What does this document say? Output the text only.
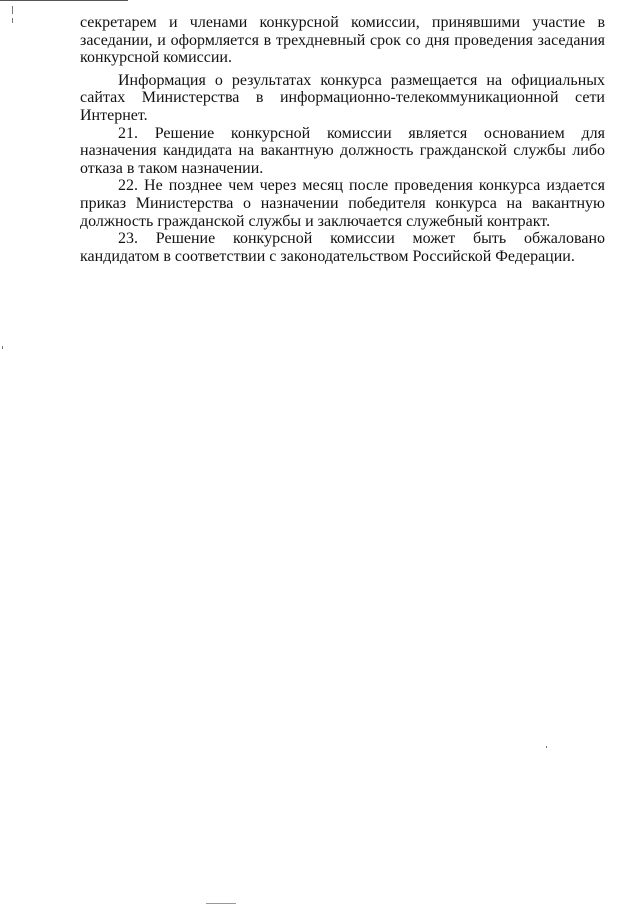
секретарем и членами конкурсной комиссии, принявшими участие в заседании, и оформляется в трехдневный срок со дня проведения заседания конкурсной комиссии.

Информация о результатах конкурса размещается на официальных сайтах Министерства в информационно-телекоммуникационной сети Интернет.

21. Решение конкурсной комиссии является основанием для назначения кандидата на вакантную должность гражданской службы либо отказа в таком назначении.

22. Не позднее чем через месяц после проведения конкурса издается приказ Министерства о назначении победителя конкурса на вакантную должность гражданской службы и заключается служебный контракт.

23. Решение конкурсной комиссии может быть обжаловано кандидатом в соответствии с законодательством Российской Федерации.
